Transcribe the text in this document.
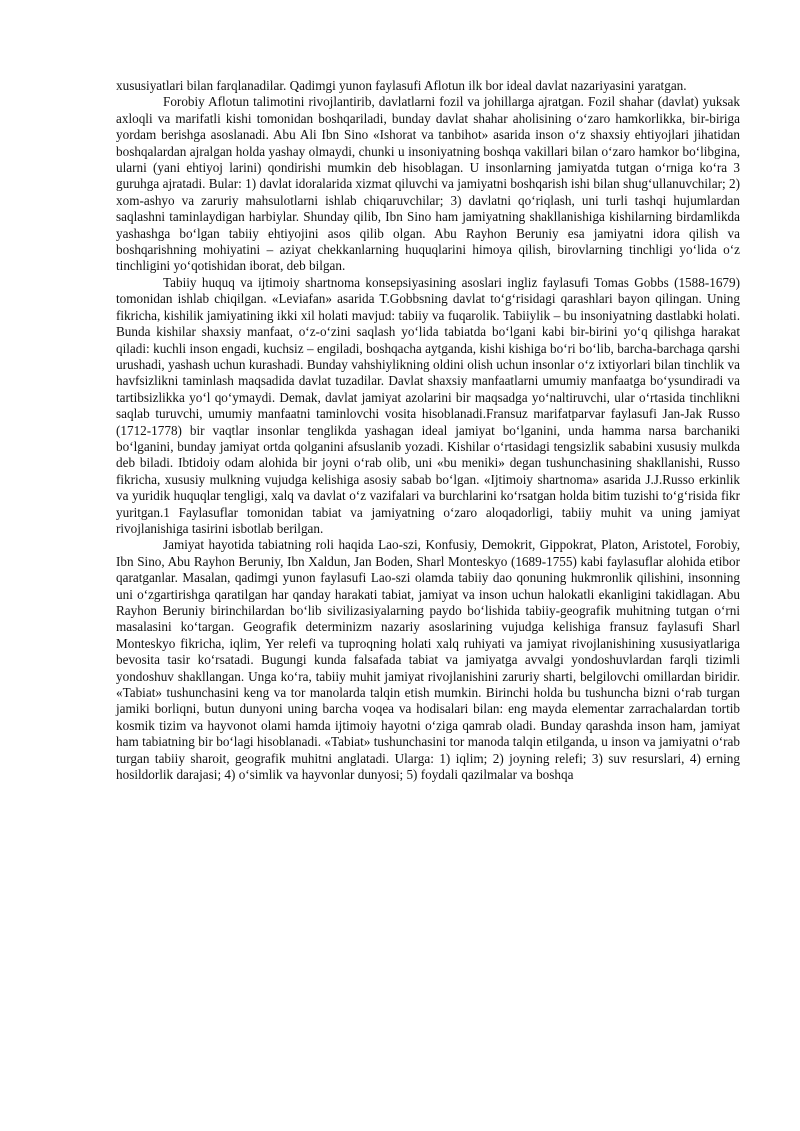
xususiyatlari bilan farqlanadilar. Qadimgi yunon faylasufi Aflotun ilk bor ideal davlat nazariyasini yaratgan.

Forobiy Aflotun talimotini rivojlantirib, davlatlarni fozil va johillarga ajratgan. Fozil shahar (davlat) yuksak axloqli va marifatli kishi tomonidan boshqariladi, bunday davlat shahar aholisining o‘zaro hamkorlikka, bir-biriga yordam berishga asoslanadi. Abu Ali Ibn Sino «Ishorat va tanbihot» asarida inson o‘z shaxsiy ehtiyojlari jihatidan boshqalardan ajralgan holda yashay olmaydi, chunki u insoniyatning boshqa vakillari bilan o‘zaro hamkor bo‘libgina, ularni (yani ehtiyoj larini) qondirishi mumkin deb hisoblagan. U insonlarning jamiyatda tutgan o‘rniga ko‘ra 3 guruhga ajratadi. Bular: 1) davlat idoralarida xizmat qiluvchi va jamiyatni boshqarish ishi bilan shug‘ullanuvchilar; 2) xom-ashyo va zaruriy mahsulotlarni ishlab chiqaruvchilar; 3) davlatni qo‘riqlash, uni turli tashqi hujumlardan saqlashni taminlaydigan harbiylar. Shunday qilib, Ibn Sino ham jamiyatning shakllanishiga kishilarning birdamlikda yashashga bo‘lgan tabiiy ehtiyojini asos qilib olgan. Abu Rayhon Beruniy esa jamiyatni idora qilish va boshqarishning mohiyatini – aziyat chekkanlarning huquqlarini himoya qilish, birovlarning tinchligi yo‘lida o‘z tinchligini yo‘qotishidan iborat, deb bilgan.

Tabiiy huquq va ijtimoiy shartnoma konsepsiyasining asoslari ingliz faylasufi Tomas Gobbs (1588-1679) tomonidan ishlab chiqilgan. «Leviafan» asarida T.Gobbsning davlat to‘g‘risidagi qarashlari bayon qilingan. Uning fikricha, kishilik jamiyatining ikki xil holati mavjud: tabiiy va fuqarolik. Tabiiylik – bu insoniyatning dastlabki holati. Bunda kishilar shaxsiy manfaat, o‘z-o‘zini saqlash yo‘lida tabiatda bo‘lgani kabi bir-birini yo‘q qilishga harakat qiladi: kuchli inson engadi, kuchsiz – engiladi, boshqacha aytganda, kishi kishiga bo‘ri bo‘lib, barcha-barchaga qarshi urushadi, yashash uchun kurashadi. Bunday vahshiylikning oldini olish uchun insonlar o‘z ixtiyorlari bilan tinchlik va havfsizlikni taminlash maqsadida davlat tuzadilar. Davlat shaxsiy manfaatlarni umumiy manfaatga bo‘ysundiradi va tartibsizlikka yo‘l qo‘ymaydi. Demak, davlat jamiyat azolarini bir maqsadga yo‘naltiruvchi, ular o‘rtasida tinchlikni saqlab turuvchi, umumiy manfaatni taminlovchi vosita hisoblanadi.Fransuz marifatparvar faylasufi Jan-Jak Russo (1712-1778) bir vaqtlar insonlar tenglikda yashagan ideal jamiyat bo‘lganini, unda hamma narsa barchaniki bo‘lganini, bunday jamiyat ortda qolganini afsuslanib yozadi. Kishilar o‘rtasidagi tengsizlik sababini xususiy mulkda deb biladi. Ibtidoiy odam alohida bir joyni o‘rab olib, uni «bu meniki» degan tushunchasining shakllanishi, Russo fikricha, xususiy mulkning vujudga kelishiga asosiy sabab bo‘lgan. «Ijtimoiy shartnoma» asarida J.J.Russo erkinlik va yuridik huquqlar tengligi, xalq va davlat o‘z vazifalari va burchlarini ko‘rsatgan holda bitim tuzishi to‘g‘risida fikr yuritgan.1 Faylasuflar tomonidan tabiat va jamiyatning o‘zaro aloqadorligi, tabiiy muhit va uning jamiyat rivojlanishiga tasirini isbotlab berilgan.

Jamiyat hayotida tabiatning roli haqida Lao-szi, Konfusiy, Demokrit, Gippokrat, Platon, Aristotel, Forobiy, Ibn Sino, Abu Rayhon Beruniy, Ibn Xaldun, Jan Boden, Sharl Monteskyo (1689-1755) kabi faylasuflar alohida etibor qaratganlar. Masalan, qadimgi yunon faylasufi Lao-szi olamda tabiiy dao qonuning hukmronlik qilishini, insonning uni o‘zgartirishga qaratilgan har qanday harakati tabiat, jamiyat va inson uchun halokatli ekanligini takidlagan. Abu Rayhon Beruniy birinchilardan bo‘lib sivilizasiyalarning paydo bo‘lishida tabiiy-geografik muhitning tutgan o‘rni masalasini ko‘targan. Geografik determinizm nazariy asoslarining vujudga kelishiga fransuz faylasufi Sharl Monteskyo fikricha, iqlim, Yer relefi va tuproqning holati xalq ruhiyati va jamiyat rivojlanishining xususiyatlariga bevosita tasir ko‘rsatadi. Bugungi kunda falsafada tabiat va jamiyatga avvalgi yondoshuvlardan farqli tizimli yondoshuv shakllangan. Unga ko‘ra, tabiiy muhit jamiyat rivojlanishini zaruriy sharti, belgilovchi omillardan biridir. «Tabiat» tushunchasini keng va tor manolarda talqin etish mumkin. Birinchi holda bu tushuncha bizni o‘rab turgan jamiki borliqni, butun dunyoni uning barcha voqea va hodisalari bilan: eng mayda elementar zarrachalardan tortib kosmik tizim va hayvonot olami hamda ijtimoiy hayotni o‘ziga qamrab oladi. Bunday qarashda inson ham, jamiyat ham tabiatning bir bo‘lagi hisoblanadi. «Tabiat» tushunchasini tor manoda talqin etilganda, u inson va jamiyatni o‘rab turgan tabiiy sharoit, geografik muhitni anglatadi. Ularga: 1) iqlim; 2) joyning relefi; 3) suv resurslari, 4) erning hosildorlik darajasi; 4) o‘simlik va hayvonlar dunyosi; 5) foydali qazilmalar va boshqa
